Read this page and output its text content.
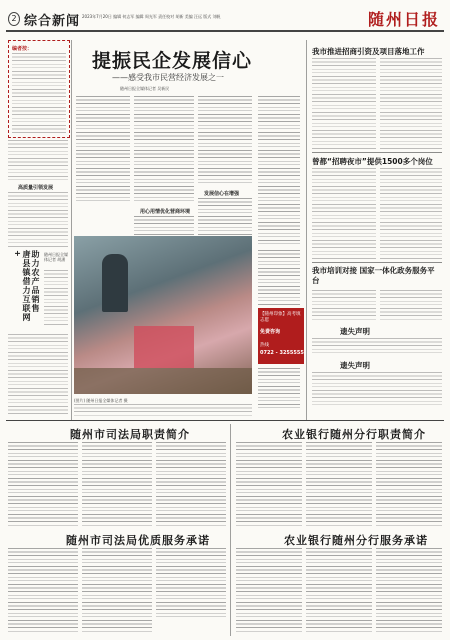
2 综合新闻 2023年7月20日 编辑 何志军 编辑 周光军 责任校对 胡新 美编 汪远 版式 刘帆	随州日报
编者按：
高质量引领发展
助力农产品销售 唐县镇借力互联网+	随州日报全媒体记者 胡潘
提振民企发展信心
——感受我市民营经济发展之一
随州日报全媒体记者 吴新民
用心用情优化营商环境
发展信心在增强
(图片) 随州日报全媒体记者 摄
【随州印象】高考填志愿
免费咨询
热线
0722 - 3255555
我市推进招商引资及项目落地工作
曾都“招聘夜市”提供1500多个岗位
我市培训对接 国家一体化政务服务平台
遗失声明
遗失声明
随州市司法局职责简介
随州市司法局优质服务承诺
农业银行随州分行职责简介
农业银行随州分行服务承诺
